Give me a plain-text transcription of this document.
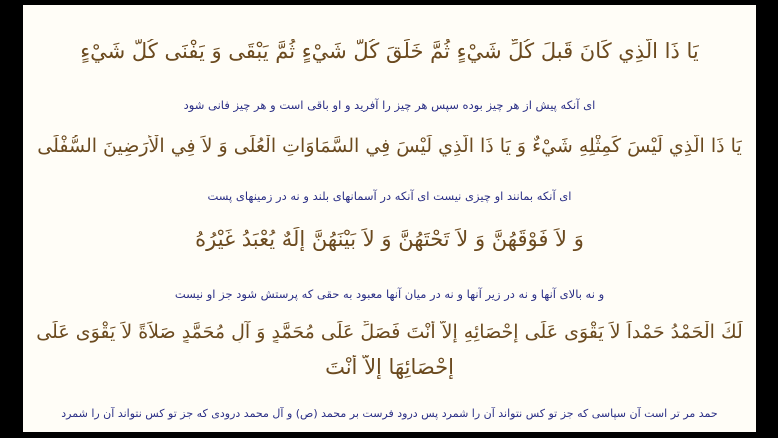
يَا ذَا الَّذِي كَانَ قَبلَ كُلِّ شَيْءٍ ثُمَّ خَلَقَ كُلَّ شَيْءٍ ثُمَّ يَبْقَى وَ يَفْنَى كُلُّ شَيْءٍ
ای آنکه پیش از هر چیز بوده سپس هر چیز را آفرید و او باقی است و هر چیز فانی شود
يَا ذَا الَّذِي لَيْسَ كَمِثْلِهِ شَيْءٌ وَ يَا ذَا الَّذِي لَيْسَ فِي السَّمَاوَاتِ الْعُلَى وَ لاَ فِي الْأَرَضِينَ السُّفْلَى
ای آنکه بمانند او چیزی نیست ای آنکه در آسمانهای بلند و نه در زمینهای پست
وَ لاَ فَوْقَهُنَّ وَ لاَ تَحْتَهُنَّ وَ لاَ بَيْنَهُنَّ إِلَهٌ يُعْبَدُ غَيْرُهُ
و نه بالای آنها و نه در زیر آنها و نه در میان آنها معبود به حقی که پرستش شود جز او نیست
لَكَ الْحَمْدُ حَمْداً لاَ يَقْوَى عَلَى إِحْصَائِهِ إِلاَّ أَنْتَ فَصَلِّ عَلَى مُحَمَّدٍ وَ آلِ مُحَمَّدٍ صَلاَةً لاَ يَقْوَى عَلَى
إِحْصَائِهَا إِلاَّ أَنْتَ
حمد مر تر است آن سپاسی که جز تو کس نتواند آن را شمرد پس درود فرست بر محمد (ص) و آل محمد درودی که جز تو کس نتواند آن را شمرد
